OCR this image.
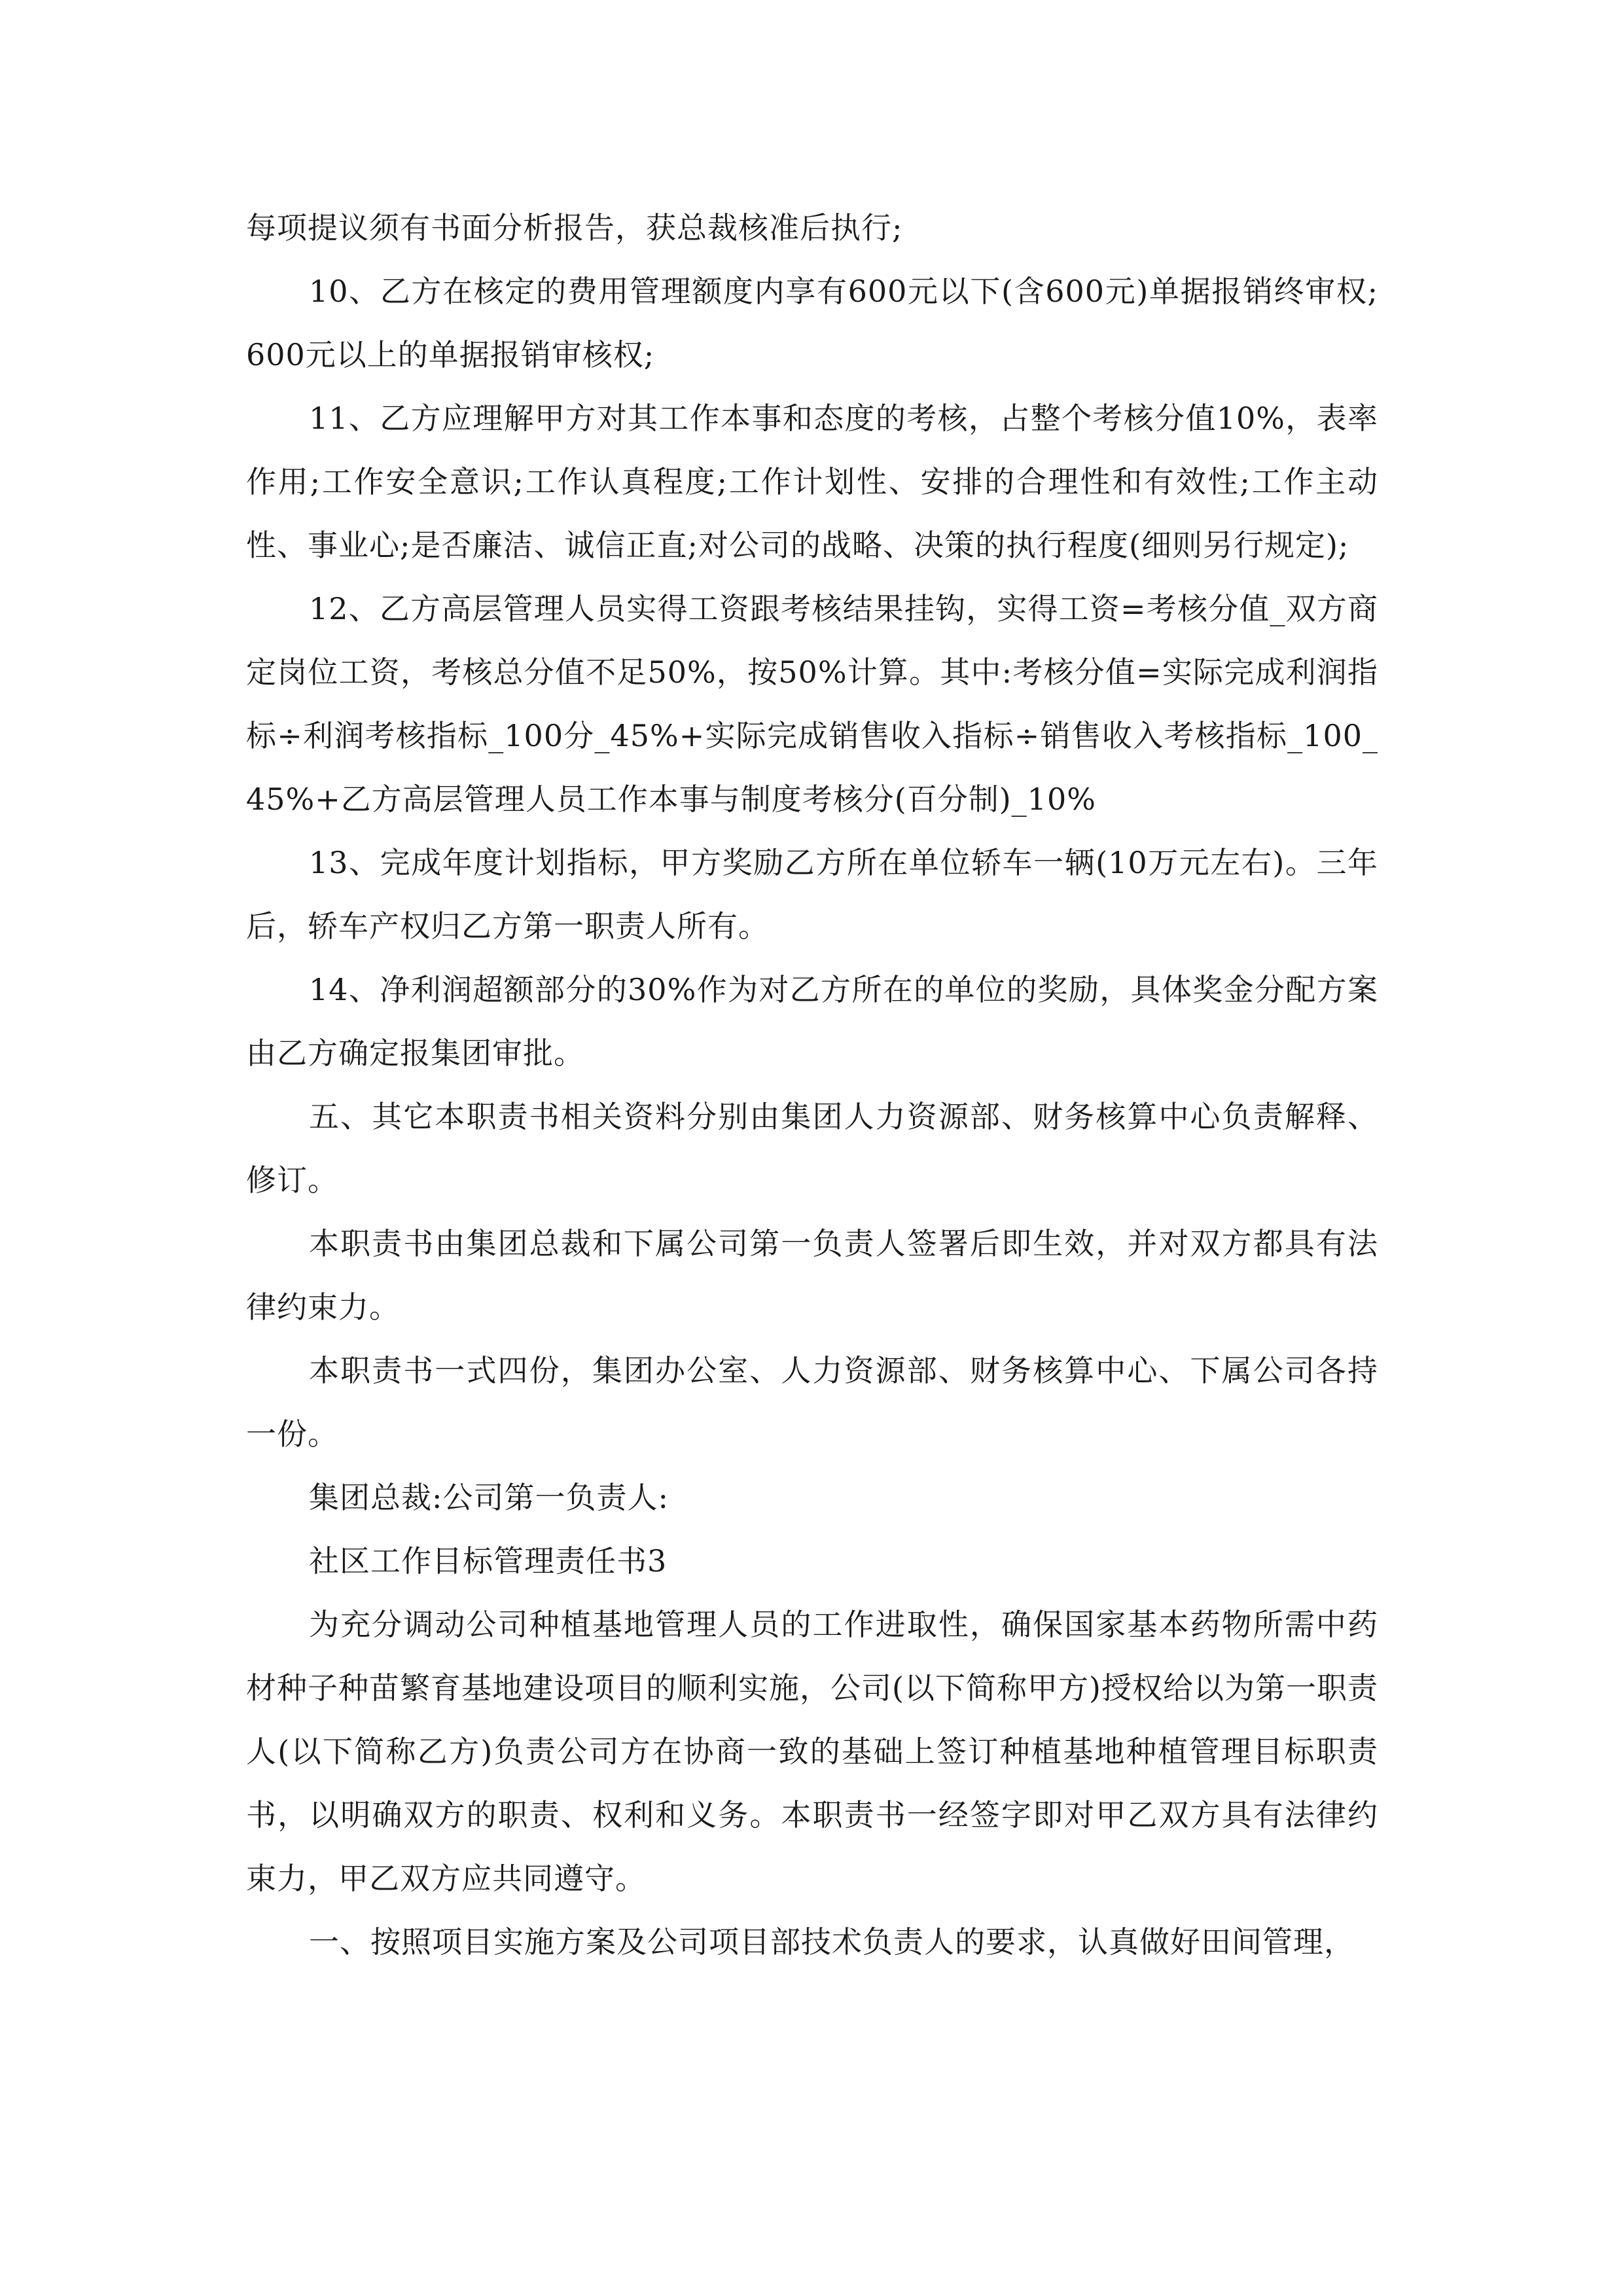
每项提议须有书面分析报告，获总裁核准后执行;

10、乙方在核定的费用管理额度内享有600元以下(含600元)单据报销终审权;600元以上的单据报销审核权;

11、乙方应理解甲方对其工作本事和态度的考核，占整个考核分值10%，表率作用;工作安全意识;工作认真程度;工作计划性、安排的合理性和有效性;工作主动性、事业心;是否廉洁、诚信正直;对公司的战略、决策的执行程度(细则另行规定);

12、乙方高层管理人员实得工资跟考核结果挂钩，实得工资=考核分值_双方商定岗位工资，考核总分值不足50%，按50%计算。其中:考核分值=实际完成利润指标÷利润考核指标_100分_45%+实际完成销售收入指标÷销售收入考核指标_100_45%+乙方高层管理人员工作本事与制度考核分(百分制)_10%

13、完成年度计划指标，甲方奖励乙方所在单位轿车一辆(10万元左右)。三年后，轿车产权归乙方第一职责人所有。

14、净利润超额部分的30%作为对乙方所在的单位的奖励，具体奖金分配方案由乙方确定报集团审批。

五、其它本职责书相关资料分别由集团人力资源部、财务核算中心负责解释、修订。

本职责书由集团总裁和下属公司第一负责人签署后即生效，并对双方都具有法律约束力。

本职责书一式四份，集团办公室、人力资源部、财务核算中心、下属公司各持一份。

集团总裁:公司第一负责人:

社区工作目标管理责任书3

为充分调动公司种植基地管理人员的工作进取性，确保国家基本药物所需中药材种子种苗繁育基地建设项目的顺利实施，公司(以下简称甲方)授权给以为第一职责人(以下简称乙方)负责公司方在协商一致的基础上签订种植基地种植管理目标职责书，以明确双方的职责、权利和义务。本职责书一经签字即对甲乙双方具有法律约束力，甲乙双方应共同遵守。

一、按照项目实施方案及公司项目部技术负责人的要求，认真做好田间管理，
